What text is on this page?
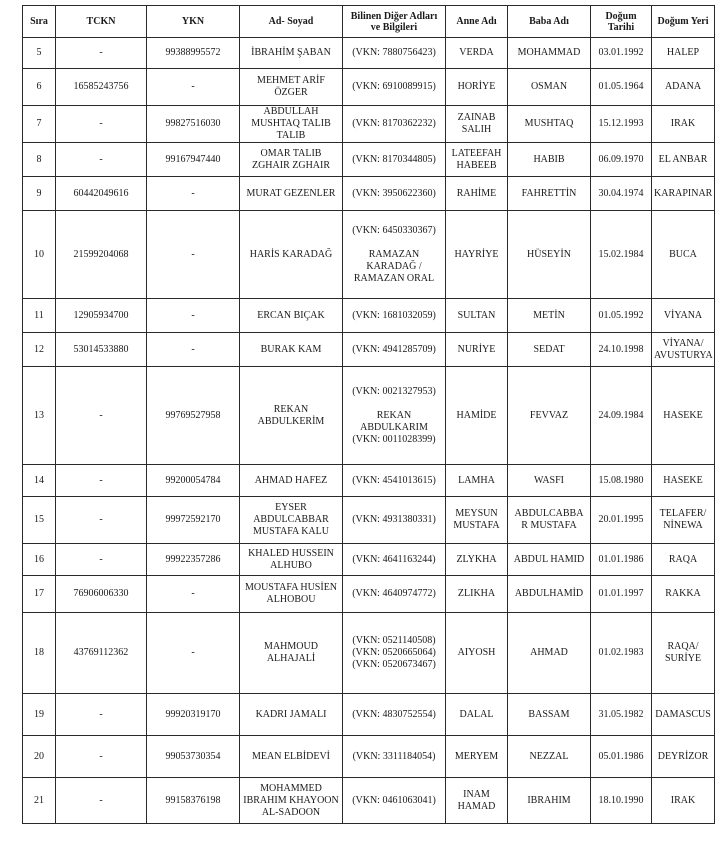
Sıra	TCKN	YKN	Ad- Soyad	Bilinen Diğer Adları ve Bilgileri	Anne Adı	Baba Adı	Doğum Tarihi	Doğum Yeri
5	-	99388995572	İBRAHİM ŞABAN	(VKN: 7880756423)	VERDA	MOHAMMAD	03.01.1992	HALEP

6	16585243756	-	MEHMET ARİF
ÖZGER	(VKN: 6910089915)	HORİYE	OSMAN	01.05.1964	ADANA

7	-	99827516030	ABDULLAH
MUSHTAQ TALIB
TALIB	(VKN: 8170362232)	ZAINAB
SALIH	MUSHTAQ	15.12.1993	IRAK

8	-	99167947440	OMAR TALIB
ZGHAIR ZGHAIR	(VKN: 8170344805)	LATEEFAH
HABEEB	HABIB	06.09.1970	EL ANBAR

9	60442049616	-	MURAT GEZENLER	(VKN: 3950622360)	RAHİME	FAHRETTİN	30.04.1974	KARAPINAR

10	21599204068	-	HARİS KARADAĞ	(VKN: 6450330367)
RAMAZAN
KARADAĞ /
RAMAZAN ORAL	HAYRİYE	HÜSEYİN	15.02.1984	BUCA

11	12905934700	-	ERCAN BIÇAK	(VKN: 1681032059)	SULTAN	METİN	01.05.1992	VİYANA

12	53014533880	-	BURAK KAM	(VKN: 4941285709)	NURİYE	SEDAT	24.10.1998	VİYANA/
AVUSTURYA

13	-	99769527958	REKAN
ABDULKERİM	(VKN: 0021327953)
REKAN
ABDULKARIM
(VKN: 0011028399)	HAMİDE	FEVVAZ	24.09.1984	HASEKE

14	-	99200054784	AHMAD HAFEZ	(VKN: 4541013615)	LAMHA	WASFI	15.08.1980	HASEKE

15	-	99972592170	EYSER
ABDULCABBAR
MUSTAFA KALU	(VKN: 4931380331)	MEYSUN
MUSTAFA	ABDULCABBA
R MUSTAFA	20.01.1995	TELAFER/
NİNEWA

16	-	99922357286	KHALED HUSSEIN
ALHUBO	(VKN: 4641163244)	ZLYKHA	ABDUL HAMID	01.01.1986	RAQA

17	76906006330	-	MOUSTAFA HUSİEN
ALHOBOU	(VKN: 4640974772)	ZLIKHA	ABDULHAMİD	01.01.1997	RAKKA

18	43769112362	-	MAHMOUD
ALHAJALİ	(VKN: 0521140508)
(VKN: 0520665064)
(VKN: 0520673467)	AIYOSH	AHMAD	01.02.1983	RAQA/
SURİYE

19	-	99920319170	KADRI JAMALI	(VKN: 4830752554)	DALAL	BASSAM	31.05.1982	DAMASCUS

20	-	99053730354	MEAN ELBİDEVİ	(VKN: 3311184054)	MERYEM	NEZZAL	05.01.1986	DEYRİZOR

21	-	99158376198	MOHAMMED
IBRAHIM KHAYOON
AL-SADOON	(VKN: 0461063041)	INAM
HAMAD	IBRAHIM	18.10.1990	IRAK
